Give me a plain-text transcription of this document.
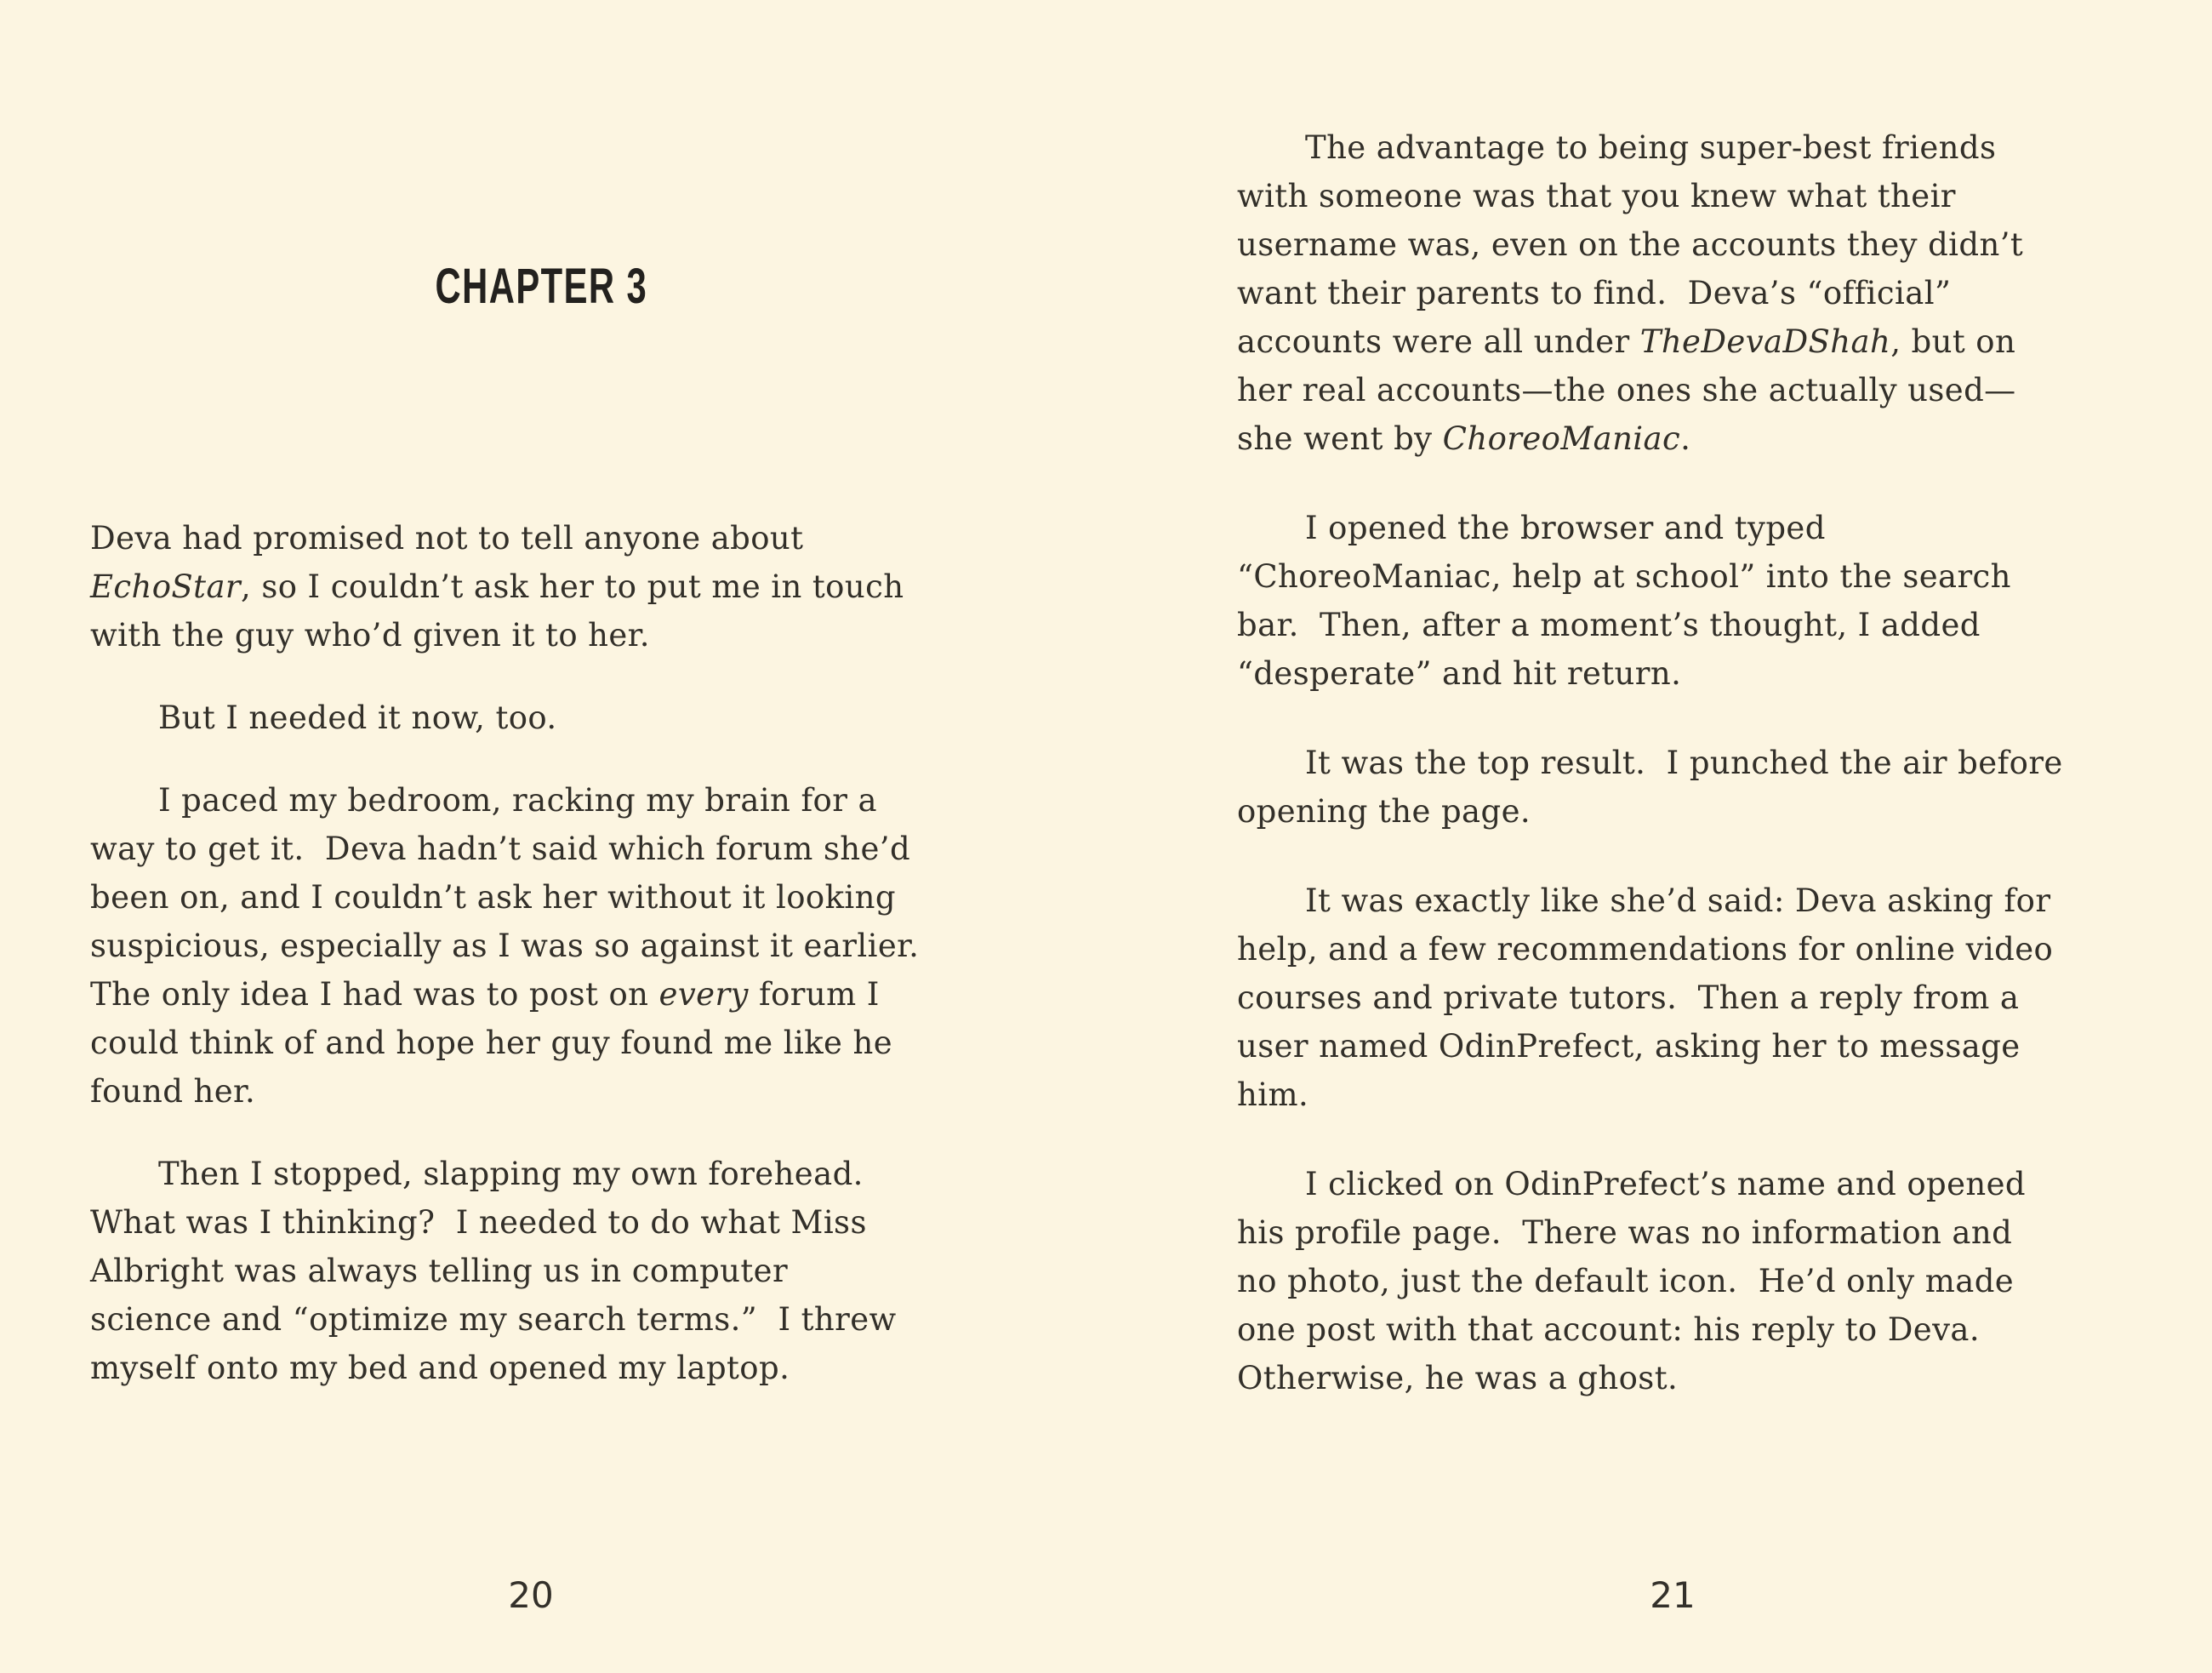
CHAPTER 3
Deva had promised not to tell anyone about
EchoStar, so I couldn’t ask her to put me in touch
with the guy who’d given it to her.
But I needed it now, too.
I paced my bedroom, racking my brain for a
way to get it.  Deva hadn’t said which forum she’d
been on, and I couldn’t ask her without it looking
suspicious, especially as I was so against it earlier.
The only idea I had was to post on every forum I
could think of and hope her guy found me like he
found her.
Then I stopped, slapping my own forehead.
What was I thinking?  I needed to do what Miss
Albright was always telling us in computer
science and “optimize my search terms.”  I threw
myself onto my bed and opened my laptop.
The advantage to being super-best friends
with someone was that you knew what their
username was, even on the accounts they didn’t
want their parents to find.  Deva’s “official”
accounts were all under TheDevaDShah, but on
her real accounts—the ones she actually used—
she went by ChoreoManiac.
I opened the browser and typed
“ChoreoManiac, help at school” into the search
bar.  Then, after a moment’s thought, I added
“desperate” and hit return.
It was the top result.  I punched the air before
opening the page.
It was exactly like she’d said: Deva asking for
help, and a few recommendations for online video
courses and private tutors.  Then a reply from a
user named OdinPrefect, asking her to message
him.
I clicked on OdinPrefect’s name and opened
his profile page.  There was no information and
no photo, just the default icon.  He’d only made
one post with that account: his reply to Deva.
Otherwise, he was a ghost.
20	21
